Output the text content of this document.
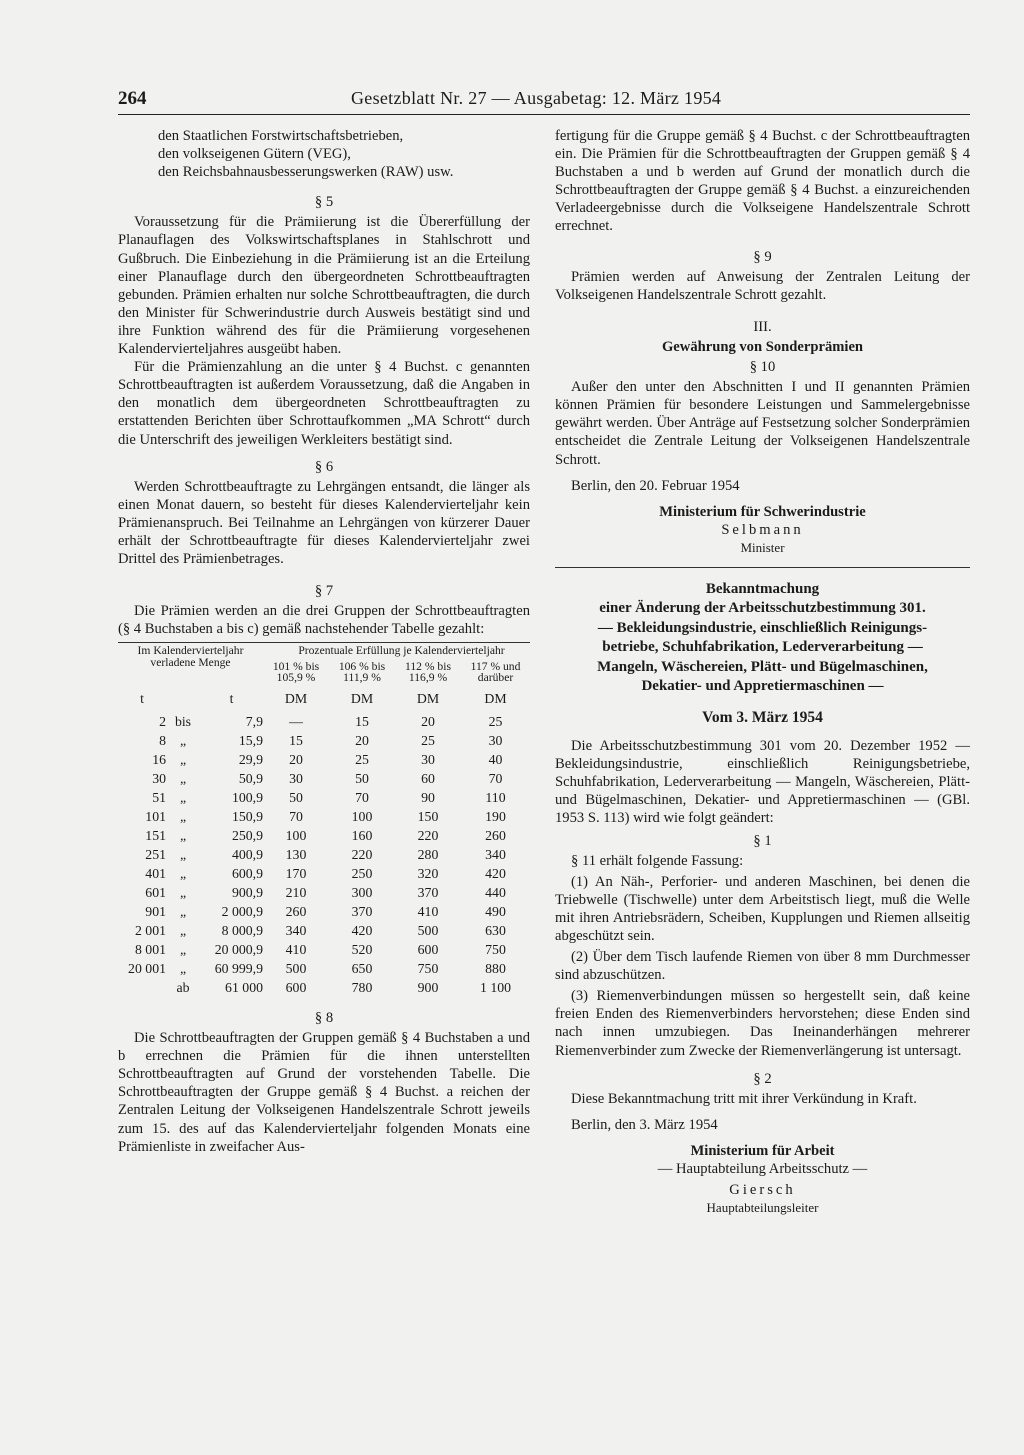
264	Gesetzblatt Nr. 27 — Ausgabetag: 12. März 1954
den Staatlichen Forstwirtschaftsbetrieben,
den volkseigenen Gütern (VEG),
den Reichsbahnausbesserungswerken (RAW) usw.
§ 5

Voraussetzung für die Prämiierung ist die Übererfüllung der Planauflagen des Volkswirtschaftsplanes in Stahlschrott und Gußbruch. Die Einbeziehung in die Prämiierung ist an die Erteilung einer Planauflage durch den übergeordneten Schrottbeauftragten gebunden. Prämien erhalten nur solche Schrottbeauftragten, die durch den Minister für Schwerindustrie durch Ausweis bestätigt sind und ihre Funktion während des für die Prämiierung vorgesehenen Kalendervierteljahres ausgeübt haben.

Für die Prämienzahlung an die unter § 4 Buchst. c genannten Schrottbeauftragten ist außerdem Voraussetzung, daß die Angaben in den monatlich dem übergeordneten Schrottbeauftragten zu erstattenden Berichten über Schrottaufkommen „MA Schrott“ durch die Unterschrift des jeweiligen Werkleiters bestätigt sind.

§ 6

Werden Schrottbeauftragte zu Lehrgängen entsandt, die länger als einen Monat dauern, so besteht für dieses Kalendervierteljahr kein Prämienanspruch. Bei Teilnahme an Lehrgängen von kürzerer Dauer erhält der Schrottbeauftragte für dieses Kalendervierteljahr zwei Drittel des Prämienbetrages.

§ 7

Die Prämien werden an die drei Gruppen der Schrottbeauftragten (§ 4 Buchstaben a bis c) gemäß nachstehender Tabelle gezahlt:

Im Kalendervierteljahr verladene Menge			Prozentuale Erfüllung je Kalendervierteljahr			
			101 % bis 105,9 %	106 % bis 111,9 %	112 % bis 116,9 %	117 % und darüber
t		t	DM	DM	DM	DM
2	bis	7,9	—	15	20	25
8	„	15,9	15	20	25	30
16	„	29,9	20	25	30	40
30	„	50,9	30	50	60	70
51	„	100,9	50	70	90	110
101	„	150,9	70	100	150	190
151	„	250,9	100	160	220	260
251	„	400,9	130	220	280	340
401	„	600,9	170	250	320	420
601	„	900,9	210	300	370	440
901	„	2 000,9	260	370	410	490
2 001	„	8 000,9	340	420	500	630
8 001	„	20 000,9	410	520	600	750
20 001	„	60 999,9	500	650	750	880
	ab	61 000	600	780	900	1 100
§ 8

Die Schrottbeauftragten der Gruppen gemäß § 4 Buchstaben a und b errechnen die Prämien für die ihnen unterstellten Schrottbeauftragten auf Grund der vorstehenden Tabelle. Die Schrottbeauftragten der Gruppe gemäß § 4 Buchst. a reichen der Zentralen Leitung der Volkseigenen Handelszentrale Schrott jeweils zum 15. des auf das Kalendervierteljahr folgenden Monats eine Prämienliste in zweifacher Aus-

fertigung für die Gruppe gemäß § 4 Buchst. c der Schrottbeauftragten ein. Die Prämien für die Schrottbeauftragten der Gruppen gemäß § 4 Buchstaben a und b werden auf Grund der monatlich durch die Schrottbeauftragten der Gruppe gemäß § 4 Buchst. a einzureichenden Verladeergebnisse durch die Volkseigene Handelszentrale Schrott errechnet.

§ 9

Prämien werden auf Anweisung der Zentralen Leitung der Volkseigenen Handelszentrale Schrott gezahlt.

III.
Gewährung von Sonderprämien
§ 10

Außer den unter den Abschnitten I und II genannten Prämien können Prämien für besondere Leistungen und Sammelergebnisse gewährt werden. Über Anträge auf Festsetzung solcher Sonderprämien entscheidet die Zentrale Leitung der Volkseigenen Handelszentrale Schrott.

Berlin, den 20. Februar 1954

Ministerium für Schwerindustrie
Selbmann
Minister
Bekanntmachung
einer Änderung der Arbeitsschutzbestimmung 301.
— Bekleidungsindustrie, einschließlich Reinigungs-
betriebe, Schuhfabrikation, Lederverarbeitung —
Mangeln, Wäschereien, Plätt- und Bügelmaschinen,
Dekatier- und Appretiermaschinen —
Vom 3. März 1954

Die Arbeitsschutzbestimmung 301 vom 20. Dezember 1952 — Bekleidungsindustrie, einschließlich Reinigungsbetriebe, Schuhfabrikation, Lederverarbeitung — Mangeln, Wäschereien, Plätt- und Bügelmaschinen, Dekatier- und Appretiermaschinen — (GBl. 1953 S. 113) wird wie folgt geändert:

§ 1

§ 11 erhält folgende Fassung:

(1) An Näh-, Perforier- und anderen Maschinen, bei denen die Triebwelle (Tischwelle) unter dem Arbeitstisch liegt, muß die Welle mit ihren Antriebsrädern, Scheiben, Kupplungen und Riemen allseitig abgeschützt sein.

(2) Über dem Tisch laufende Riemen von über 8 mm Durchmesser sind abzuschützen.

(3) Riemenverbindungen müssen so hergestellt sein, daß keine freien Enden des Riemenverbinders hervorstehen; diese Enden sind nach innen umzubiegen. Das Ineinanderhängen mehrerer Riemenverbinder zum Zwecke der Riemenverlängerung ist untersagt.

§ 2

Diese Bekanntmachung tritt mit ihrer Verkündung in Kraft.

Berlin, den 3. März 1954

Ministerium für Arbeit
— Hauptabteilung Arbeitsschutz —
Giersch
Hauptabteilungsleiter
